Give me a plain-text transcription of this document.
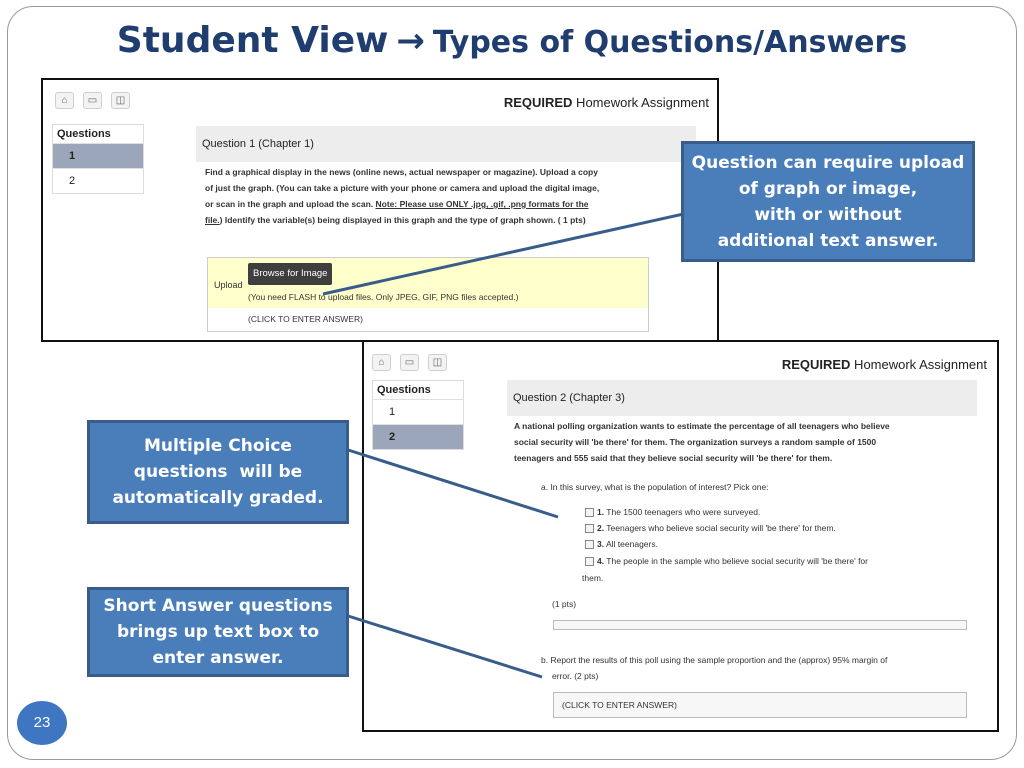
Student View → Types of Questions/Answers
⌂	▭	◫	REQUIRED Homework Assignment
Questions
1
2
Question 1 (Chapter 1)
Find a graphical display in the news (online news, actual newspaper or magazine). Upload a copy
of just the graph. (You can take a picture with your phone or camera and upload the digital image,
or scan in the graph and upload the scan. Note: Please use ONLY .jpg, .gif, .png formats for the
file.) Identify the variable(s) being displayed in this graph and the type of graph shown. ( 1 pts)
Upload
Browse for Image
(You need FLASH to upload files. Only JPEG, GIF, PNG files accepted.)
(CLICK TO ENTER ANSWER)
⌂	▭	◫	REQUIRED Homework Assignment
Questions
1
2
Question 2 (Chapter 3)
A national polling organization wants to estimate the percentage of all teenagers who believe
social security will 'be there' for them. The organization surveys a random sample of 1500
teenagers and 555 said that they believe social security will 'be there' for them.
a. In this survey, what is the population of interest? Pick one:
1. The 1500 teenagers who were surveyed.
2. Teenagers who believe social security will 'be there' for them.
3. All teenagers.
4. The people in the sample who believe social security will 'be there' for
them.
(1 pts)
b. Report the results of this poll using the sample proportion and the (approx) 95% margin of
error. (2 pts)
(CLICK TO ENTER ANSWER)
Question can require upload
of graph or image,
with or without
additional text answer.
Multiple Choice
questions  will be
automatically graded.
Short Answer questions
brings up text box to
enter answer.
23
